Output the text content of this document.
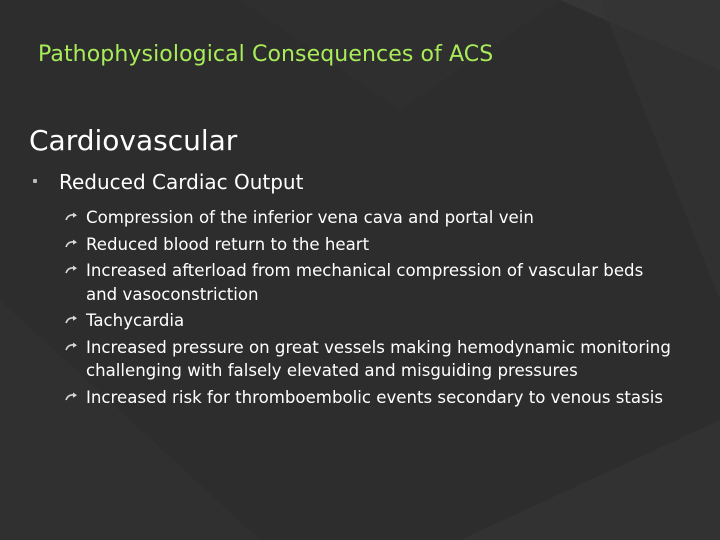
Pathophysiological Consequences of ACS
Cardiovascular
Reduced Cardiac Output
Compression of the inferior vena cava and portal vein
Reduced blood return to the heart
Increased afterload from mechanical compression of vascular beds and vasoconstriction
Tachycardia
Increased pressure on great vessels making hemodynamic monitoring challenging with falsely elevated and misguiding pressures
Increased risk for thromboembolic events secondary to venous stasis
